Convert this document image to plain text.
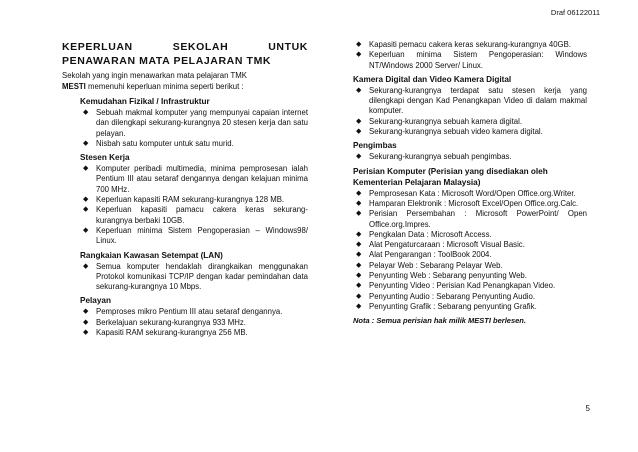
Draf 06122011
KEPERLUAN SEKOLAH UNTUK PENAWARAN MATA PELAJARAN TMK
Sekolah yang ingin menawarkan mata pelajaran TMK
MESTI memenuhi keperluan minima seperti berikut :
Kemudahan Fizikal / Infrastruktur
◆ Sebuah makmal komputer yang mempunyai capaian internet dan dilengkapi sekurang-kurangnya 20 stesen kerja dan satu pelayan.
◆ Nisbah satu komputer untuk satu murid.
Stesen Kerja
◆ Komputer peribadi multimedia, minima pemprosesan ialah Pentium III atau setaraf dengannya dengan kelajuan minima 700 MHz.
◆ Keperluan kapasiti RAM sekurang-kurangnya 128 MB.
◆ Keperluan kapasiti pamacu cakera keras sekurang-kurangnya berbaki 10GB.
◆ Keperluan minima Sistem Pengoperasian – Windows98/ Linux.
Rangkaian Kawasan Setempat (LAN)
◆ Semua komputer hendaklah dirangkaikan menggunakan Protokol komunikasi TCP/IP dengan kadar pemindahan data sekurang-kurangnya 10 Mbps.
Pelayan
◆ Pemproses mikro Pentium III atau setaraf dengannya.
◆ Berkelajuan sekurang-kurangnya 933 MHz.
◆ Kapasiti RAM sekurang-kurangnya 256 MB.
◆ Kapasiti pemacu cakera keras sekurang-kurangnya 40GB.
◆ Keperluan minima Sistem Pengoperasian: Windows NT/Windows 2000 Server/ Linux.
Kamera Digital dan Video Kamera Digital
◆ Sekurang-kurangnya terdapat satu stesen kerja yang dilengkapi dengan Kad Penangkapan Video di dalam makmal komputer.
◆ Sekurang-kurangnya sebuah kamera digital.
◆ Sekurang-kurangnya sebuah video kamera digital.
Pengimbas
◆ Sekurang-kurangnya sebuah pengimbas.
Perisian Komputer (Perisian yang disediakan oleh Kementerian Pelajaran Malaysia)
◆ Pemprosesan Kata : Microsoft Word/Open Office.org.Writer.
◆ Hamparan Elektronik : Microsoft Excel/Open Office.org.Calc.
◆ Perisian Persembahan : Microsoft PowerPoint/ Open Office.org.Impres.
◆ Pengkalan Data : Microsoft Access.
◆ Alat Pengaturcaraan : Microsoft Visual Basic.
◆ Alat Pengarangan : ToolBook 2004.
◆ Pelayar Web : Sebarang Pelayar Web.
◆ Penyunting Web : Sebarang penyunting Web.
◆ Penyunting Video : Perisian Kad Penangkapan Video.
◆ Penyunting Audio : Sebarang Penyunting Audio.
◆ Penyunting Grafik : Sebarang penyunting Grafik.
Nota : Semua perisian hak milik MESTI berlesen.
5
